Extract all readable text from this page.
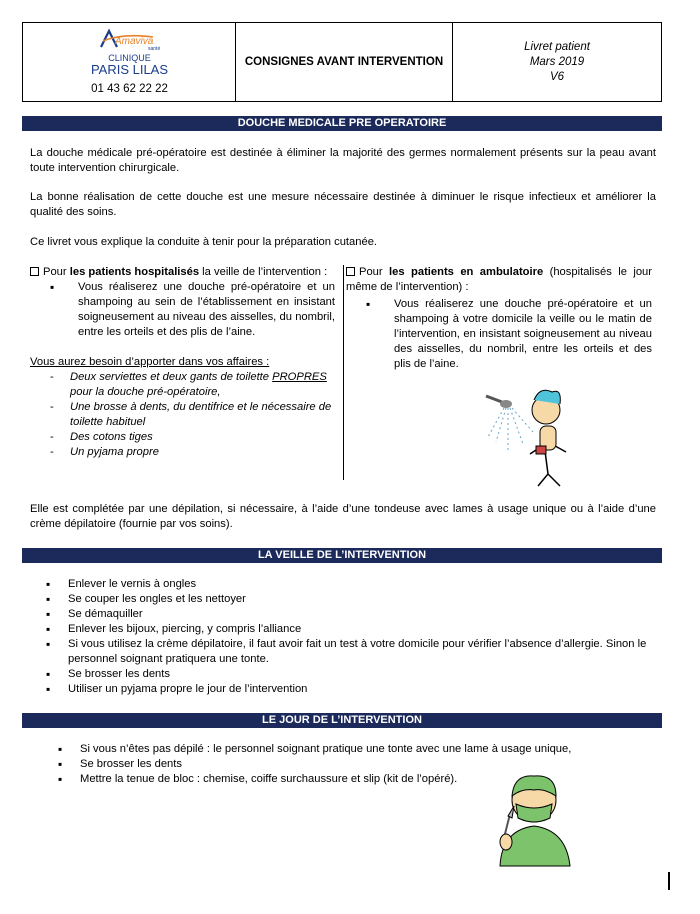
Amaviva
santé
CLINIQUE
PARIS LILAS
01 43 62 22 22
CONSIGNES AVANT INTERVENTION
Livret patient
Mars 2019
V6
DOUCHE MEDICALE PRE OPERATOIRE

La douche médicale pré-opératoire est destinée à éliminer la majorité des germes normalement présents sur la peau avant toute intervention chirurgicale.

La bonne réalisation de cette douche est une mesure nécessaire destinée à diminuer le risque infectieux et améliorer la qualité des soins.

Ce livret vous explique la conduite à tenir pour la préparation cutanée.

Pour les patients hospitalisés la veille de l’intervention :

▪ Vous réaliserez une douche pré-opératoire et un shampoing au sein de l’établissement en insistant soigneusement au niveau des aisselles, du nombril, entre les orteils et des plis de l’aine.

Vous aurez besoin d’apporter dans vos affaires :

- Deux serviettes et deux gants de toilette PROPRES pour la douche pré-opératoire,
- Une brosse à dents, du dentifrice et le nécessaire de toilette habituel
- Des cotons tiges
- Un pyjama propre

Pour les patients en ambulatoire (hospitalisés le jour même de l’intervention) :

▪ Vous réaliserez une douche pré-opératoire et un shampoing à votre domicile la veille ou le matin de l’intervention, en insistant soigneusement au niveau des aisselles, du nombril, entre les orteils et des plis de l’aine.

Elle est complétée par une dépilation, si nécessaire, à l’aide d’une tondeuse avec lames à usage unique ou à l’aide d’une crème dépilatoire (fournie par vos soins).

LA VEILLE DE L’INTERVENTION
▪ Enlever le vernis à ongles
▪ Se couper les ongles et les nettoyer
▪ Se démaquiller
▪ Enlever les bijoux, piercing, y compris l’alliance
▪ Si vous utilisez la crème dépilatoire, il faut avoir fait un test à votre domicile pour vérifier l’absence d’allergie. Sinon le personnel soignant pratiquera une tonte.
▪ Se brosser les dents
▪ Utiliser un pyjama propre le jour de l’intervention
LE JOUR DE L’INTERVENTION
▪ Si vous n’êtes pas dépilé : le personnel soignant pratique une tonte avec une lame à usage unique,
▪ Se brosser les dents
▪ Mettre la tenue de bloc : chemise, coiffe surchaussure et slip (kit de l’opéré).
